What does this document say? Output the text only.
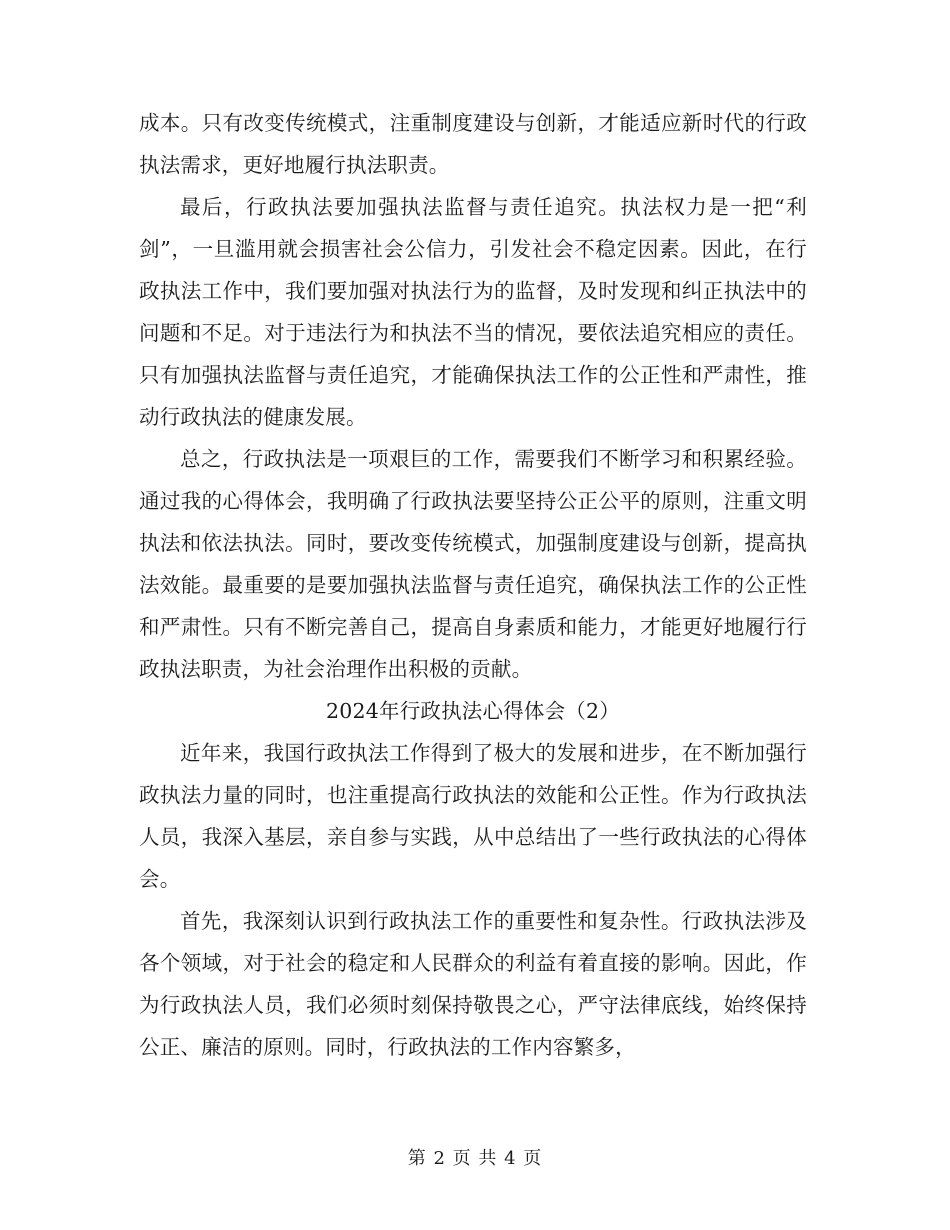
成本。只有改变传统模式，注重制度建设与创新，才能适应新时代的行政执法需求，更好地履行执法职责。

最后，行政执法要加强执法监督与责任追究。执法权力是一把“利剑”，一旦滥用就会损害社会公信力，引发社会不稳定因素。因此，在行政执法工作中，我们要加强对执法行为的监督，及时发现和纠正执法中的问题和不足。对于违法行为和执法不当的情况，要依法追究相应的责任。只有加强执法监督与责任追究，才能确保执法工作的公正性和严肃性，推动行政执法的健康发展。

总之，行政执法是一项艰巨的工作，需要我们不断学习和积累经验。通过我的心得体会，我明确了行政执法要坚持公正公平的原则，注重文明执法和依法执法。同时，要改变传统模式，加强制度建设与创新，提高执法效能。最重要的是要加强执法监督与责任追究，确保执法工作的公正性和严肃性。只有不断完善自己，提高自身素质和能力，才能更好地履行行政执法职责，为社会治理作出积极的贡献。

2024年行政执法心得体会（2）

近年来，我国行政执法工作得到了极大的发展和进步，在不断加强行政执法力量的同时，也注重提高行政执法的效能和公正性。作为行政执法人员，我深入基层，亲自参与实践，从中总结出了一些行政执法的心得体会。

首先，我深刻认识到行政执法工作的重要性和复杂性。行政执法涉及各个领域，对于社会的稳定和人民群众的利益有着直接的影响。因此，作为行政执法人员，我们必须时刻保持敬畏之心，严守法律底线，始终保持公正、廉洁的原则。同时，行政执法的工作内容繁多，

第 2 页 共 4 页
